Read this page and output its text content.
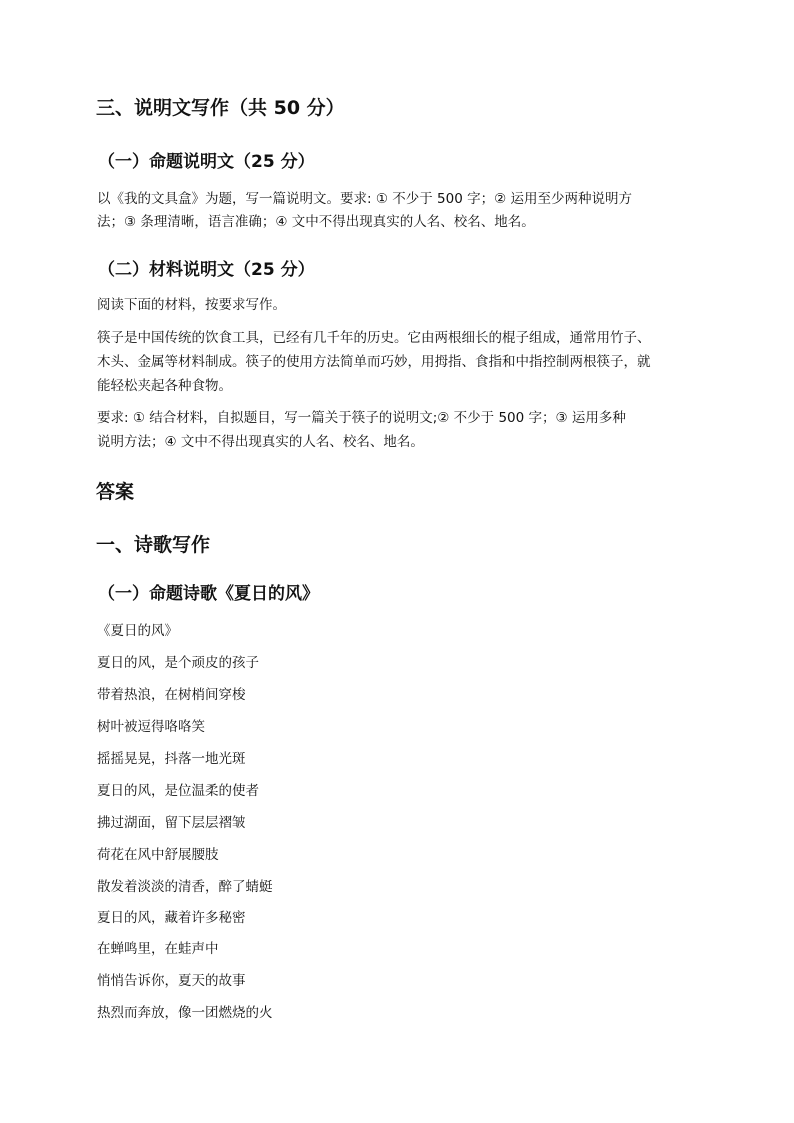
三、说明文写作（共 50 分）
（一）命题说明文（25 分）

以《我的文具盒》为题，写一篇说明文。要求: ① 不少于 500 字；② 运用至少两种说明方

法；③ 条理清晰，语言准确；④ 文中不得出现真实的人名、校名、地名。

（二）材料说明文（25 分）

阅读下面的材料，按要求写作。

筷子是中国传统的饮食工具，已经有几千年的历史。它由两根细长的棍子组成，通常用竹子、

木头、金属等材料制成。筷子的使用方法简单而巧妙，用拇指、食指和中指控制两根筷子，就

能轻松夹起各种食物。

要求: ① 结合材料，自拟题目，写一篇关于筷子的说明文;② 不少于 500 字；③ 运用多种

说明方法；④ 文中不得出现真实的人名、校名、地名。

答案
一、诗歌写作
（一）命题诗歌《夏日的风》

《夏日的风》

夏日的风，是个顽皮的孩子

带着热浪，在树梢间穿梭

树叶被逗得咯咯笑

摇摇晃晃，抖落一地光斑

夏日的风，是位温柔的使者

拂过湖面，留下层层褶皱

荷花在风中舒展腰肢

散发着淡淡的清香，醉了蜻蜓

夏日的风，藏着许多秘密

在蝉鸣里，在蛙声中

悄悄告诉你，夏天的故事

热烈而奔放，像一团燃烧的火
